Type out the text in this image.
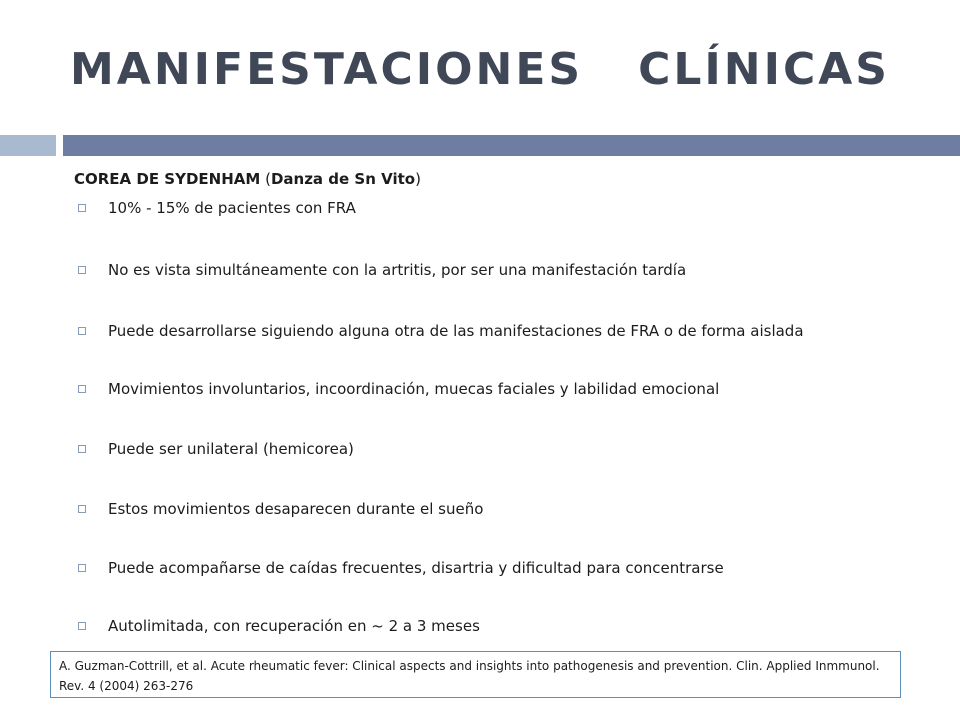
MANIFESTACIONES   CLÍNICAS
COREA DE SYDENHAM (Danza de Sn Vito)
10% - 15% de pacientes con FRA
No es vista simultáneamente con la artritis, por ser una manifestación tardía
Puede desarrollarse siguiendo alguna otra de las manifestaciones de FRA o de forma aislada
Movimientos involuntarios, incoordinación, muecas faciales y labilidad emocional
Puede ser unilateral (hemicorea)
Estos movimientos desaparecen durante el sueño
Puede acompañarse de caídas frecuentes, disartria y dificultad para concentrarse
Autolimitada, con recuperación en ~ 2 a 3 meses
A. Guzman-Cottrill, et al. Acute rheumatic fever: Clinical aspects and insights into pathogenesis and prevention. Clin. Applied Inmmunol. Rev. 4 (2004) 263-276
